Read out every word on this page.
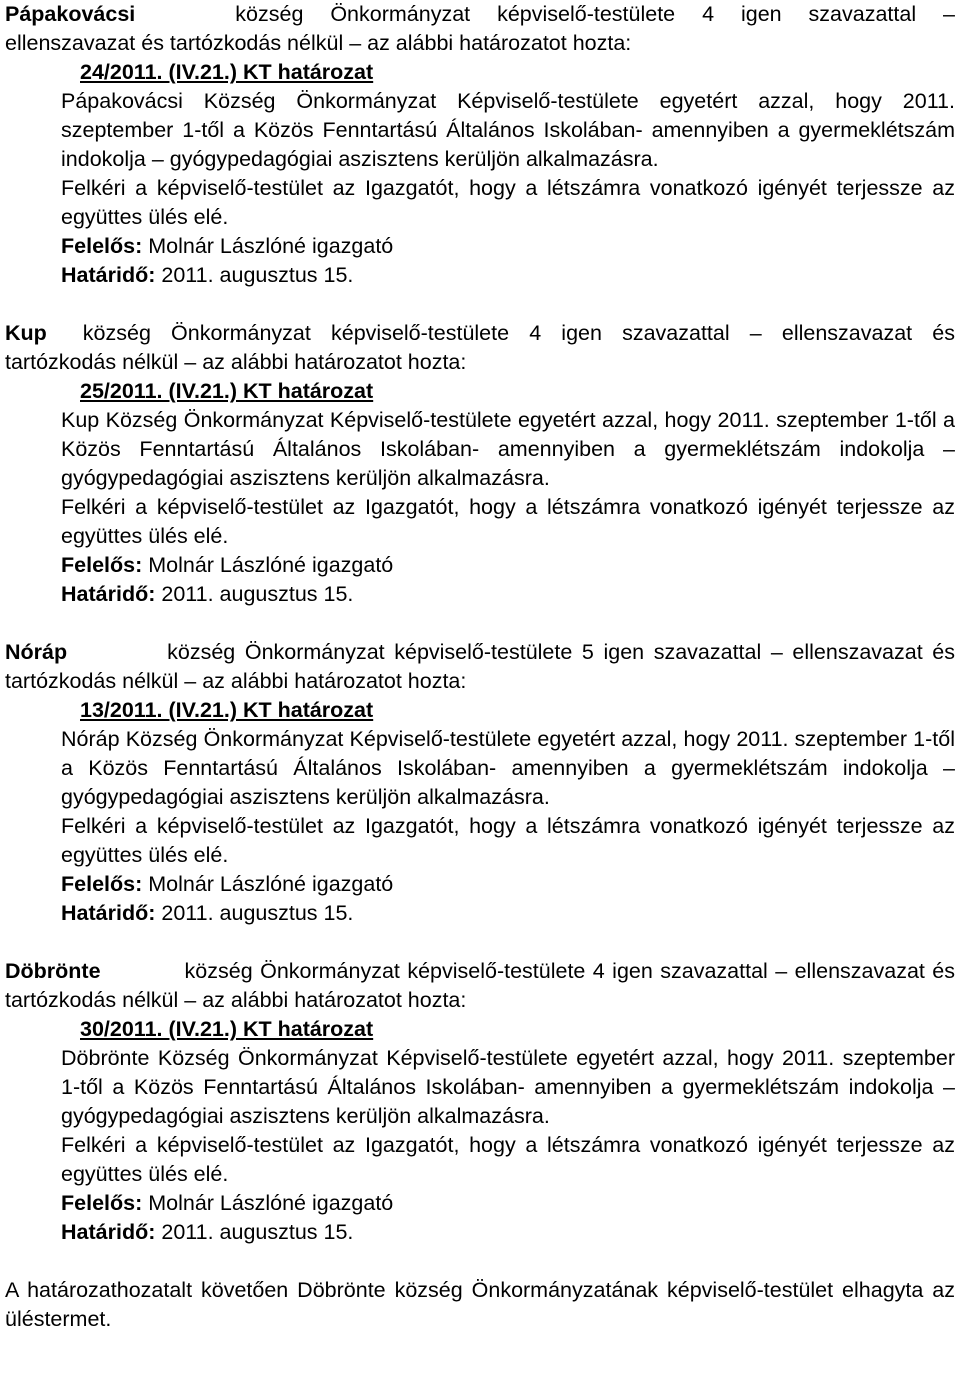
Pápakovácsi	község Önkormányzat képviselő-testülete 4 igen szavazattal – ellenszavazat és tartózkodás nélkül – az alábbi határozatot hozta:
24/2011. (IV.21.) KT határozat
Pápakovácsi Község Önkormányzat Képviselő-testülete egyetért azzal, hogy 2011. szeptember 1-től a Közös Fenntartású Általános Iskolában- amennyiben a gyermeklétszám indokolja – gyógypedagógiai aszisztens kerüljön alkalmazásra.
Felkéri a képviselő-testület az Igazgatót, hogy a létszámra vonatkozó igényét terjessze az együttes ülés elé.
Felelős: Molnár Lászlóné igazgató
Határidő: 2011. augusztus 15.
Kup község Önkormányzat képviselő-testülete 4 igen szavazattal – ellenszavazat és tartózkodás nélkül – az alábbi határozatot hozta:
25/2011. (IV.21.) KT határozat
Kup Község Önkormányzat Képviselő-testülete egyetért azzal, hogy 2011. szeptember 1-től a Közös Fenntartású Általános Iskolában- amennyiben a gyermeklétszám indokolja – gyógypedagógiai aszisztens kerüljön alkalmazásra.
Felkéri a képviselő-testület az Igazgatót, hogy a létszámra vonatkozó igényét terjessze az együttes ülés elé.
Felelős: Molnár Lászlóné igazgató
Határidő: 2011. augusztus 15.
Nóráp	község Önkormányzat képviselő-testülete 5 igen szavazattal – ellenszavazat és tartózkodás nélkül – az alábbi határozatot hozta:
13/2011. (IV.21.) KT határozat
Nóráp Község Önkormányzat Képviselő-testülete egyetért azzal, hogy 2011. szeptember 1-től a Közös Fenntartású Általános Iskolában- amennyiben a gyermeklétszám indokolja – gyógypedagógiai aszisztens kerüljön alkalmazásra.
Felkéri a képviselő-testület az Igazgatót, hogy a létszámra vonatkozó igényét terjessze az együttes ülés elé.
Felelős: Molnár Lászlóné igazgató
Határidő: 2011. augusztus 15.
Döbrönte	község Önkormányzat képviselő-testülete 4 igen szavazattal – ellenszavazat és tartózkodás nélkül – az alábbi határozatot hozta:
30/2011. (IV.21.) KT határozat
Döbrönte Község Önkormányzat Képviselő-testülete egyetért azzal, hogy 2011. szeptember 1-től a Közös Fenntartású Általános Iskolában- amennyiben a gyermeklétszám indokolja – gyógypedagógiai aszisztens kerüljön alkalmazásra.
Felkéri a képviselő-testület az Igazgatót, hogy a létszámra vonatkozó igényét terjessze az együttes ülés elé.
Felelős: Molnár Lászlóné igazgató
Határidő: 2011. augusztus 15.
A határozathozatalt követően Döbrönte község Önkormányzatának képviselő-testület elhagyta az üléstermet.
